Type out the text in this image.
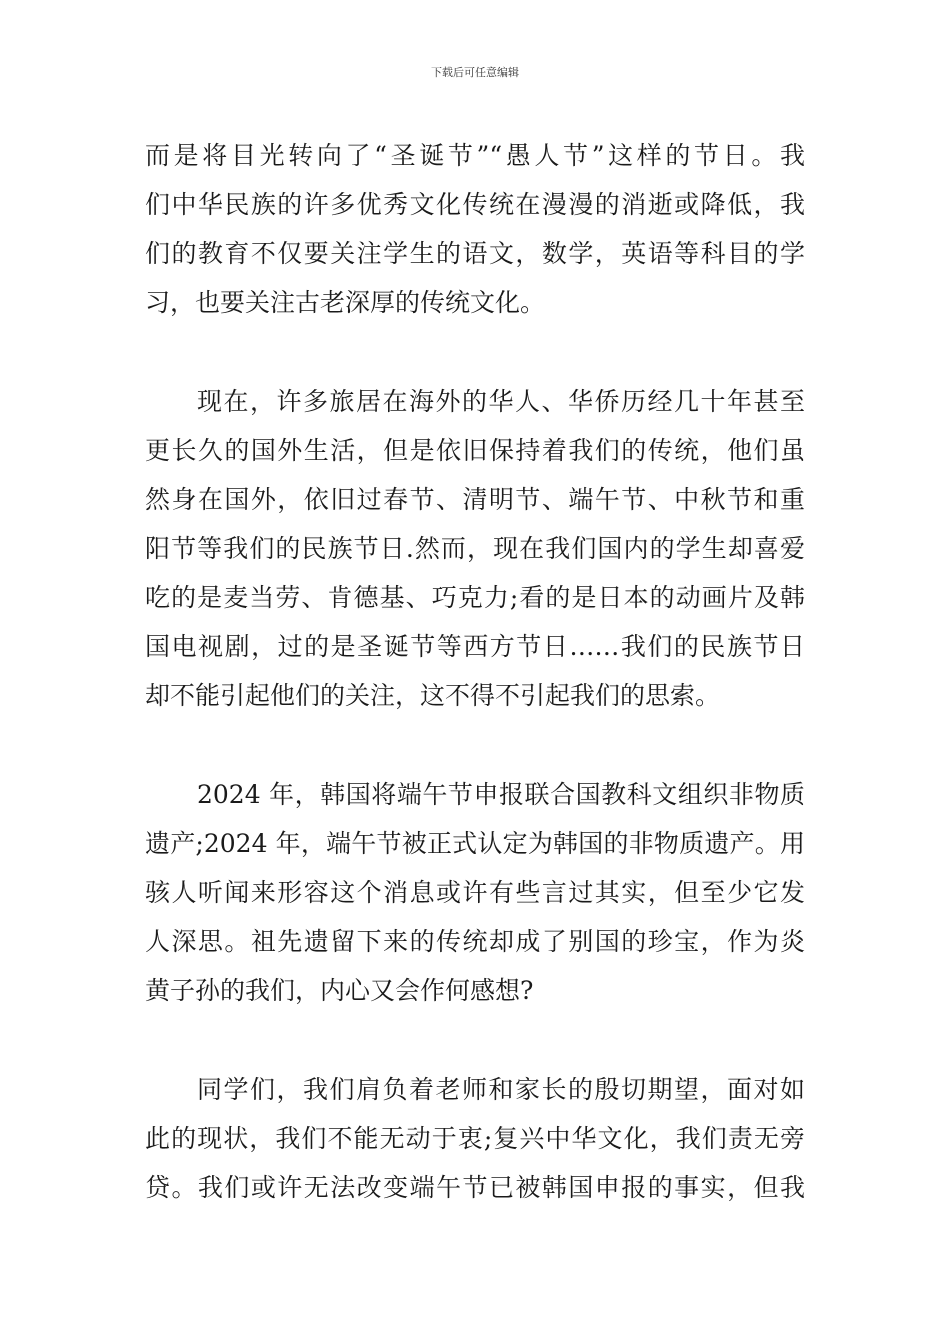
下载后可任意编辑
而是将目光转向了“圣诞节”“愚人节”这样的节日。我
们中华民族的许多优秀文化传统在漫漫的消逝或降低，我
们的教育不仅要关注学生的语文，数学，英语等科目的学
习，也要关注古老深厚的传统文化。
现在，许多旅居在海外的华人、华侨历经几十年甚至
更长久的国外生活，但是依旧保持着我们的传统，他们虽
然身在国外，依旧过春节、清明节、端午节、中秋节和重
阳节等我们的民族节日.然而，现在我们国内的学生却喜爱
吃的是麦当劳、肯德基、巧克力;看的是日本的动画片及韩
国电视剧，过的是圣诞节等西方节日……我们的民族节日
却不能引起他们的关注，这不得不引起我们的思索。
2024 年，韩国将端午节申报联合国教科文组织非物质
遗产;2024 年，端午节被正式认定为韩国的非物质遗产。用
骇人听闻来形容这个消息或许有些言过其实，但至少它发
人深思。祖先遗留下来的传统却成了别国的珍宝，作为炎
黄子孙的我们，内心又会作何感想?
同学们，我们肩负着老师和家长的殷切期望，面对如
此的现状，我们不能无动于衷;复兴中华文化，我们责无旁
贷。我们或许无法改变端午节已被韩国申报的事实，但我
